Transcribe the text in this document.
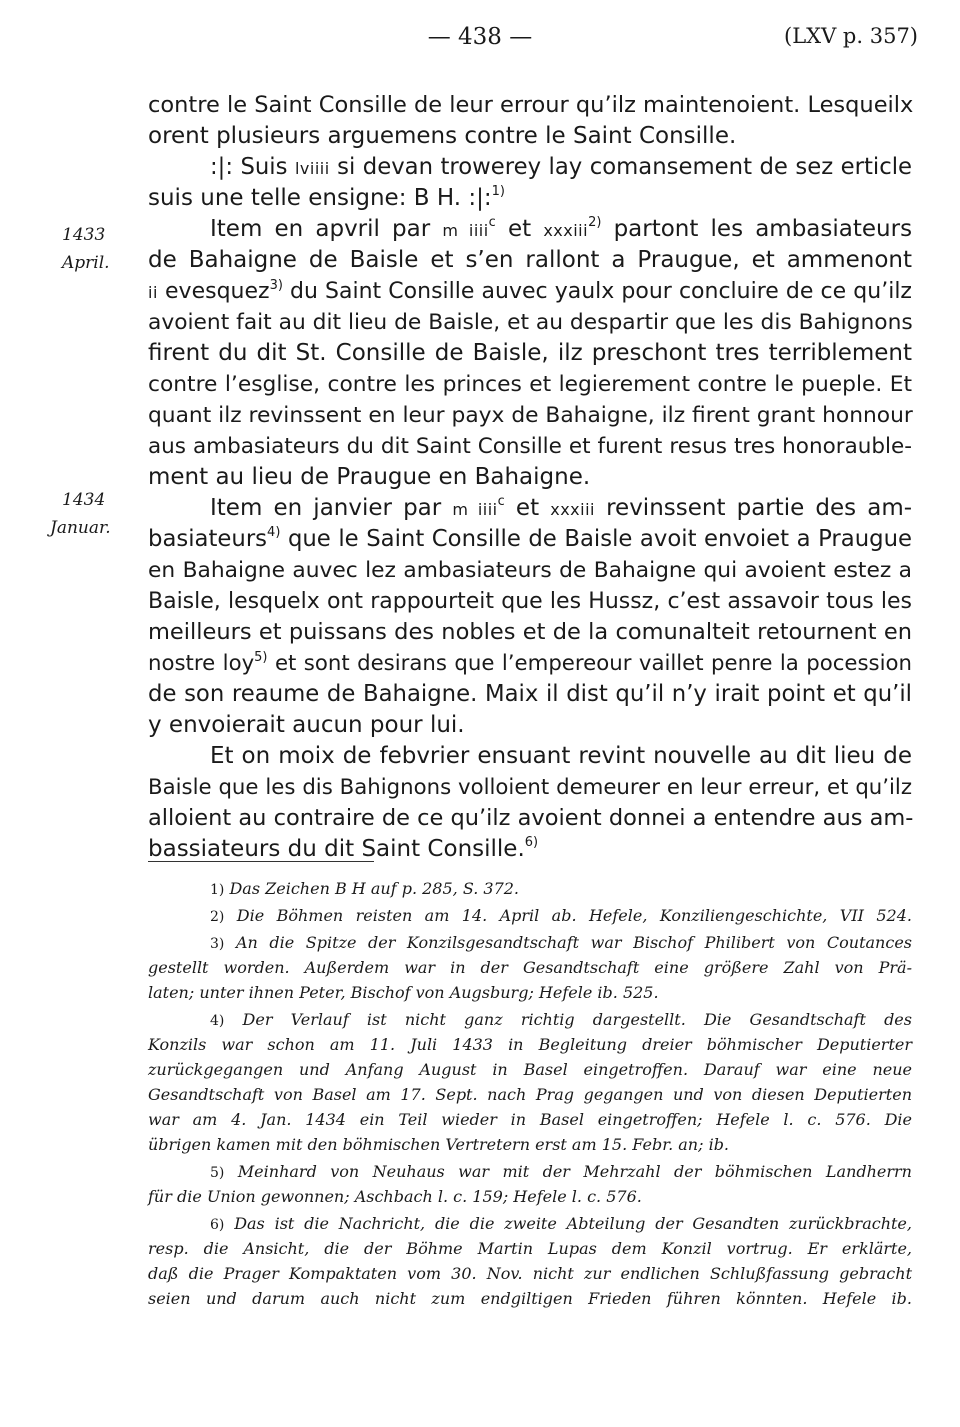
— 438 —	(LXV p. 357)
1433
April.
1434
Januar.
contre le Saint Consille de leur errour qu’ilz maintenoient. Lesqueilx
orent plusieurs arguemens contre le Saint Consille.
:|: Suis lviiii si devan trowerey lay comansement de sez erticle
suis une telle ensigne: B H. :|:$^{1)}$
Item en apvril par m iiii$^c$ et xxxiii$^{2)}$ partont les ambasiateurs
de Bahaigne de Baisle et s’en rallont a Praugue, et ammenont
ii evesquez$^{3)}$ du Saint Consille auvec yaulx pour concluire de ce qu’ilz
avoient fait au dit lieu de Baisle, et au despartir que les dis Bahignons
firent du dit St. Consille de Baisle, ilz preschont tres terriblement
contre l’esglise, contre les princes et legierement contre le pueple. Et
quant ilz revinssent en leur payx de Bahaigne, ilz firent grant honnour
aus ambasiateurs du dit Saint Consille et furent resus tres honorauble-
ment au lieu de Praugue en Bahaigne.
Item en janvier par m iiii$^c$ et xxxiii revinssent partie des am-
basiateurs$^{4)}$ que le Saint Consille de Baisle avoit envoiet a Praugue
en Bahaigne auvec lez ambasiateurs de Bahaigne qui avoient estez a
Baisle, lesquelx ont rappourteit que les Hussz, c’est assavoir tous les
meilleurs et puissans des nobles et de la comunalteit retournent en
nostre loy$^{5)}$ et sont desirans que l’empereour vaillet penre la pocession
de son reaume de Bahaigne. Maix il dist qu’il n’y irait point et qu’il
y envoierait aucun pour lui.
Et on moix de febvrier ensuant revint nouvelle au dit lieu de
Baisle que les dis Bahignons volloient demeurer en leur erreur, et qu’ilz
alloient au contraire de ce qu’ilz avoient donnei a entendre aus am-
bassiateurs du dit Saint Consille.$^{6)}$
1) Das Zeichen B H auf p. 285, S. 372.
2) Die Böhmen reisten am 14. April ab. Hefele, Konziliengeschichte, VII 524.
3) An die Spitze der Konzilsgesandtschaft war Bischof Philibert von Coutances
gestellt worden. Außerdem war in der Gesandtschaft eine größere Zahl von Prä-
laten; unter ihnen Peter, Bischof von Augsburg; Hefele ib. 525.
4) Der Verlauf ist nicht ganz richtig dargestellt. Die Gesandtschaft des
Konzils war schon am 11. Juli 1433 in Begleitung dreier böhmischer Deputierter
zurückgegangen und Anfang August in Basel eingetroffen. Darauf war eine neue
Gesandtschaft von Basel am 17. Sept. nach Prag gegangen und von diesen Deputierten
war am 4. Jan. 1434 ein Teil wieder in Basel eingetroffen; Hefele l. c. 576. Die
übrigen kamen mit den böhmischen Vertretern erst am 15. Febr. an; ib.
5) Meinhard von Neuhaus war mit der Mehrzahl der böhmischen Landherrn
für die Union gewonnen; Aschbach l. c. 159; Hefele l. c. 576.
6) Das ist die Nachricht, die die zweite Abteilung der Gesandten zurückbrachte,
resp. die Ansicht, die der Böhme Martin Lupas dem Konzil vortrug. Er erklärte,
daß die Prager Kompaktaten vom 30. Nov. nicht zur endlichen Schlußfassung gebracht
seien und darum auch nicht zum endgiltigen Frieden führen könnten. Hefele ib.
